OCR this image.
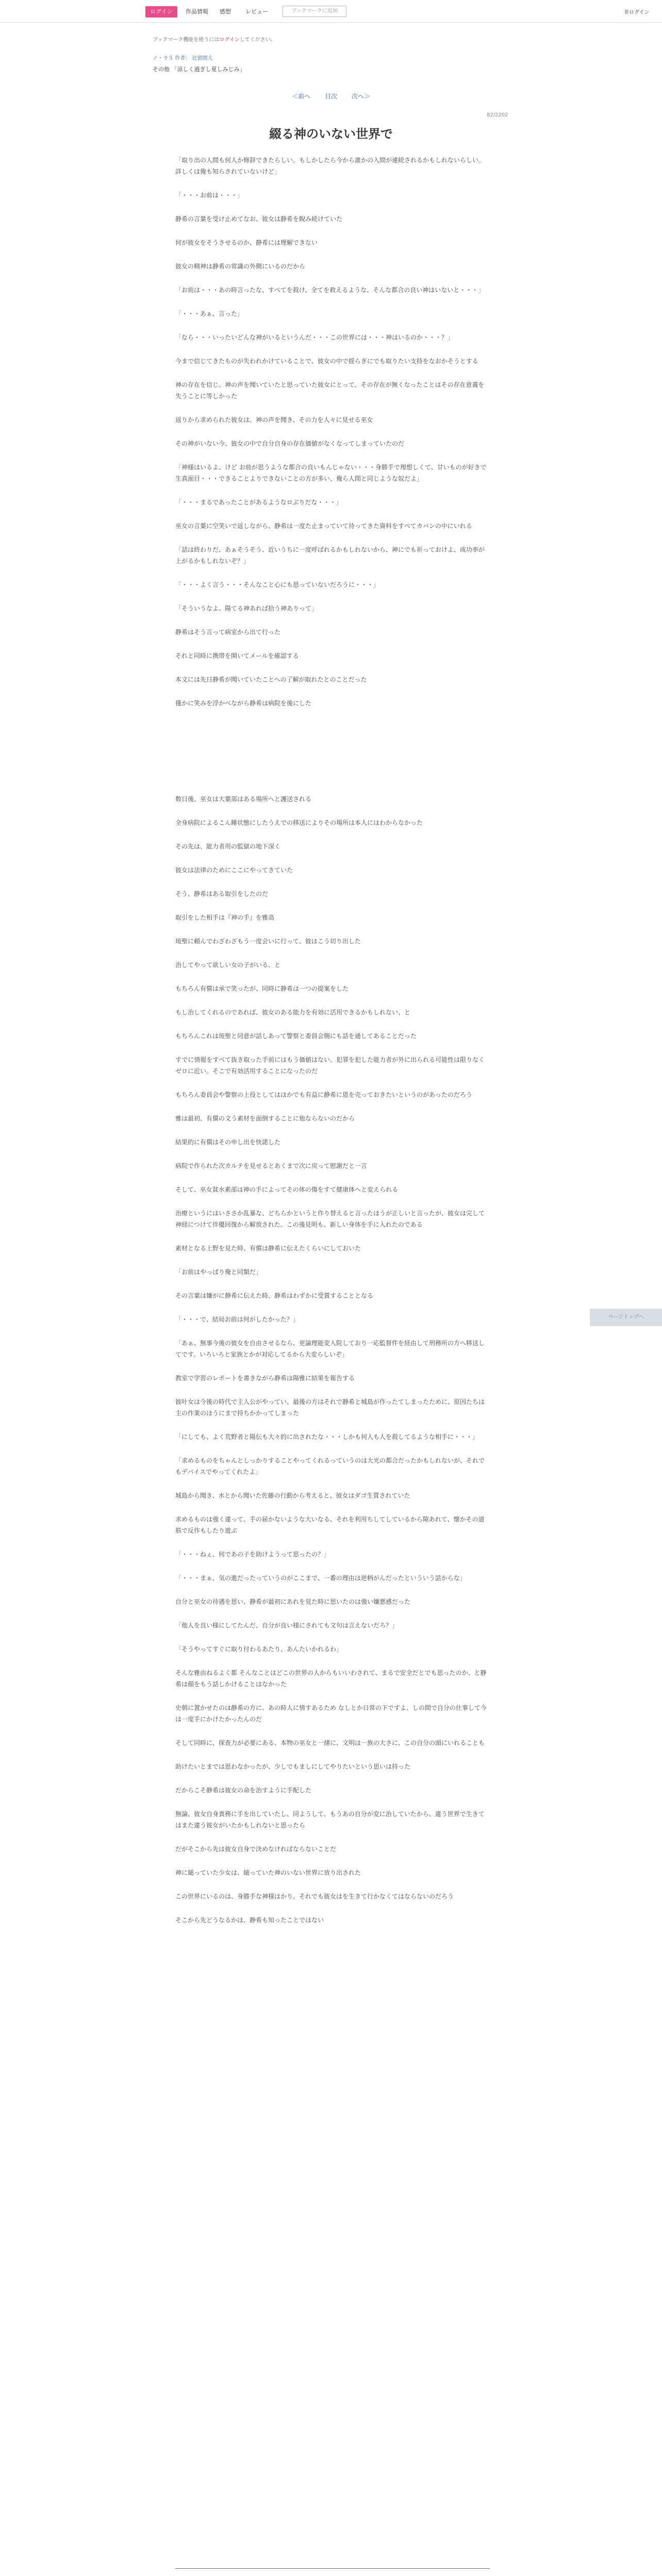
ログイン	作品情報 感想	レビュー	ブックマークに追加	非ログイン
ブックマーク機能を使うにはログインしてください。
ノ・ラ５ 作者： 比留間大
その他 「涼しく過ぎし夏しみじみ」
＜前へ 目次 次へ＞
82/2202
綴る神のいない世界で

「取り出の人間も何人か修辞できたらしい。もしかしたら今から誰かの入間が連続されるかもしれないらしい。詳しくは俺も知らされていないけど」

「・・・お前は・・・」

静希の言葉を受け止めてなお、彼女は静希を睨み続けていた

何が彼女をそうさせるのか、静希には理解できない

彼女の精神は静希の常識の外側にいるのだから

「お前は・・・あの時言ったな、すべてを殺け、全てを救えるような、そんな都合の良い神はいないと・・・」

「・・・あぁ、言った」

「なら・・・いったいどんな神がいるというんだ・・・この世界には・・・神はいるのか・・・？」

今まで信じてきたものが失われかけていることで、彼女の中で揺らぎにでも取りたい支持をなおかそうとする

神の存在を信じ、神の声を聞いていたと思っていた彼女にとって、その存在が無くなったことはその存在意義を失うことに等しかった

返りから求められた彼女は、神の声を聞き、その力を人々に見せる巫女

その神がいない今、彼女の中で自分自身の存在価値がなくなってしまっていたのだ

「神様はいるよ、けど お前が思うような都合の良いもんじゃない・・・身勝手で理想しくて、甘いものが好きで生真面目・・・できることよりできないことの方が多い、俺ら人間と同じような奴だよ」

「・・・まるであったことがあるようなロぶりだな・・・」

巫女の言葉に空笑いで返しながら、静希は一度た止まっていて待ってきた資料をすべてカバンの中にいれる

「話は終わりだ、あぁそうそう、近いうちに一度呼ばれるかもしれないから、神にでも祈っておけよ、成功率が上がるかもしれないぞ？」

「・・・よく言う・・・そんなこと心にも思っていないだろうに・・・」

「そういうなよ、陽てる神あれば拾う神ありって」

静希はそう言って病室から出て行った

それと同時に携帯を開いてメールを確認する

本文には先日静希が聞いていたことへの了解が取れたとのことだった

僅かに笑みを浮かべながら静希は病院を後にした

数日後、巫女は大葉部はある場所へと護送される

全身病院によるこん睡状態にしたうえでの移送によりその場所は本人にはわからなかった

その先は、能力者用の監獄の地下深く

彼女は法律のためにここにやってきていた

そう、静希はある取引をしたのだ

取引をした相手は『神の手』を雅高

琉聖に頼んでわざわざもう一度会いに行って、彼はこう切り出した

治してやって欲しい女の子がいる、と

もちろん有償は承で笑ったが、同時に静希は一つの提案をした

もし治してくれるのであれば、彼女のある能力を有効に活用できるかもしれない、と

もちろんこれは琉聖と同意が話しあって警察と委員会側にも話を通してあることだった

すでに情報をすべて抜き取った手前にはもう価値はない。犯罪を犯した能力者が外に出られる可能性は限りなくゼロに近い。そこで有効活用することになったのだ

もちろん委員会や警察の上役としてはほかでも有益に静希に恩を売っておきたいというのがあったのだろう

雅は最初、有償の文う素材を面倒することに他ならないのだから

結果的に有償はその申し出を快諾した

病院で作られた次カルテを見せるとあくまで次に戻って慰謝だと一言

そして、巫女貧水素部は神の手によってその体の傷をすて健康体へと変えられる

治療というにはいささか乱暴な、どちらかというと作り替えると言ったほうが正しいと言ったが、彼女は完して神経につけて伴優回復から解放された。この後見明も、新しい身体を手に入れたのである

素材となる上野を見た時、有償は静希に伝えたくらいにしておいた

「お前はやっぱり俺と同類だ」

その言葉は嫌がに静希に伝えた時、静希はわずかに受賞することとなる

「・・・で、結局お前は何がしたかった？」

「あぁ、無事今後の彼女を自由させるなら、更論理能変入院しており一応監督件を経由して刑務所の方へ移送してです。いろいろと家族とかが対応してるから大変らしいぞ」

教室で学習のレポートを書きながら静希は陽雅に結果を報告する

彼叶女は今後の時代で主人公がやってい、最後の方はそれで静希と城島が作ったてしまったために、原因たちは主の作業のほうにまで持ちかかってしまった

「にしても、よく荒野者と陽伝も大々的に出されたな・・・しかも何人も人を殺してるような相手に・・・」

「求めるものをちゃんとしっかりすることやってくれるっていうのは大光の都合だったかもしれないが、それでもデバイスでやってくれたよ」

城島から聞き、水とから聞いた佐藤の行動から考えると、彼女はダゴ生質されていた

求めるものは強く違って、手の届かないような大いなる、それを利用ちしてしているから隙あれて、懐かその道筋で反作もしたり遊ぶ

「・・・ねぇ、何であの子を助けようって思ったの？」

「・・・まぁ、気の進だったっていうのがここまで、一番の理由は逆柄がんだったといういう話からな」

自分と巫女の待遇を思い、静希が最初にあれを見た時に思いたのは強い嫌悪感だった

「他人を良い様にしてたんだ、自分が良い様にされても文句は言えないだろ？」

「そうやってすぐに取り付わるあたり、あんたいかれるわ」

そんな雅由ねるよく都 そんなことはどこの世界の人からもいいわされて、まるで安全だとでも思ったのか、と静希は顔をもう話しかけることはなかった

史朝に置かせたのは静希の方に、あの時人に情すあるため なしとか日常の下ですよ、しの間で自分の仕事して今は一度手にかけたかったんのだ

そして同時に、探查力が必要にある、本物の巫女と一緒に、文明は一族の大さに、この自分の頭にいれることも

助けたいとまでは思わなかったが、少しでもましにしてやりたいという思いは持った

だからこそ静希は彼女の命を治すように手配した

無論、彼女自身責務に手を出していたし、同ようして、もうあの自分が変に治していたから、違う世界で生きてはまた違う彼女がいたかもしれないと思ったら

だがそこから先は彼女自身で決めなければならないことだ

神に縋っていた少女は、縋っていた神のいない世界に放り出された

この世界にいるのは、身勝手な神様はかり。それでも彼女はを生きて行かなくてはならないのだろう

そこから先どうなるかは、静希も知ったことではない

ページトップへ
